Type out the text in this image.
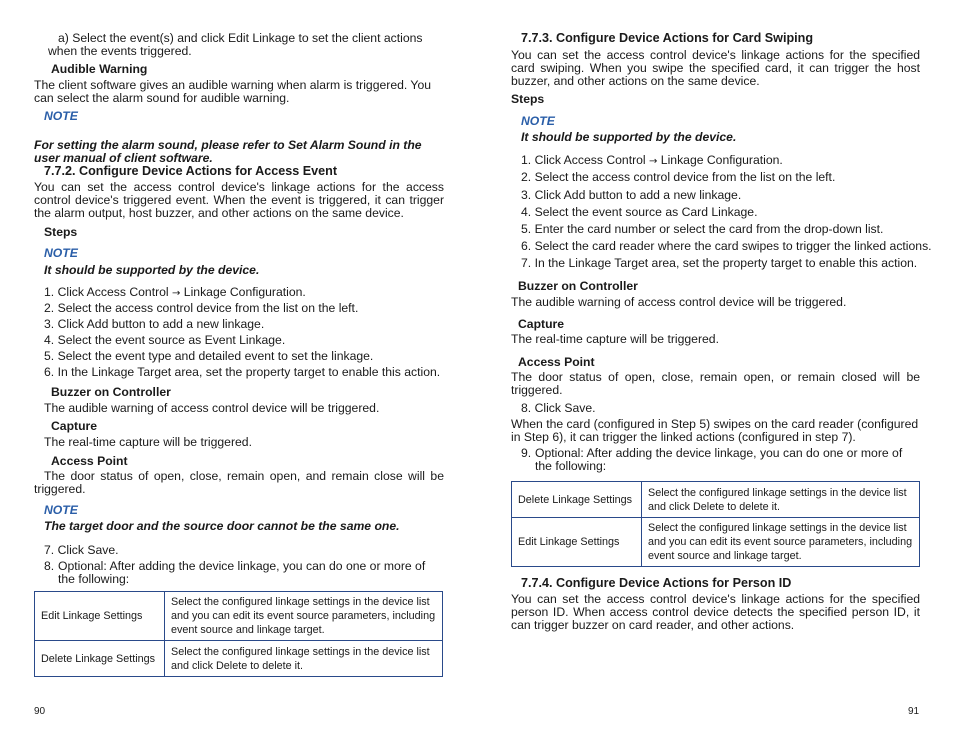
a) Select the event(s) and click Edit Linkage to set the client actions when the events triggered.

Audible Warning

The client software gives an audible warning when alarm is triggered. You can select the alarm sound for audible warning.

NOTE

For setting the alarm sound, please refer to Set Alarm Sound in the user manual of client software.

7.7.2. Configure Device Actions for Access Event

You can set the access control device's linkage actions for the access control device's triggered event. When the event is triggered, it can trigger the alarm output, host buzzer, and other actions on the same device.

Steps
NOTE
It should be supported by the device.
1. Click Access Control → Linkage Configuration.
2. Select the access control device from the list on the left.
3. Click Add button to add a new linkage.
4. Select the event source as Event Linkage.
5. Select the event type and detailed event to set the linkage.
6. In the Linkage Target area, set the property target to enable this action.
Buzzer on Controller
The audible warning of access control device will be triggered.
Capture
The real-time capture will be triggered.
Access Point

The door status of open, close, remain open, and remain close will be triggered.

NOTE
The target door and the source door cannot be the same one.
7. Click Save.
8. Optional: After adding the device linkage, you can do one or more of the following:
Edit Linkage Settings	Select the configured linkage settings in the device list and you can edit its event source parameters, including event source and linkage target.
Delete Linkage Settings	Select the configured linkage settings in the device list and click Delete to delete it.
90
7.7.3. Configure Device Actions for Card Swiping

You can set the access control device's linkage actions for the specified card swiping. When you swipe the specified card, it can trigger the host buzzer, and other actions on the same device.

Steps
NOTE
It should be supported by the device.
1. Click Access Control → Linkage Configuration.
2. Select the access control device from the list on the left.
3. Click Add button to add a new linkage.
4. Select the event source as Card Linkage.
5. Enter the card number or select the card from the drop-down list.
6. Select the card reader where the card swipes to trigger the linked actions.
7. In the Linkage Target area, set the property target to enable this action.
Buzzer on Controller
The audible warning of access control device will be triggered.
Capture
The real-time capture will be triggered.
Access Point

The door status of open, close, remain open, or remain closed will be triggered.

8. Click Save.

When the card (configured in Step 5) swipes on the card reader (configured in Step 6), it can trigger the linked actions (configured in step 7).

9. Optional: After adding the device linkage, you can do one or more of the following:
Delete Linkage Settings	Select the configured linkage settings in the device list and click Delete to delete it.
Edit Linkage Settings	Select the configured linkage settings in the device list and you can edit its event source parameters, including event source and linkage target.
7.7.4. Configure Device Actions for Person ID

You can set the access control device's linkage actions for the specified person ID. When access control device detects the specified person ID, it can trigger buzzer on card reader, and other actions.

91
